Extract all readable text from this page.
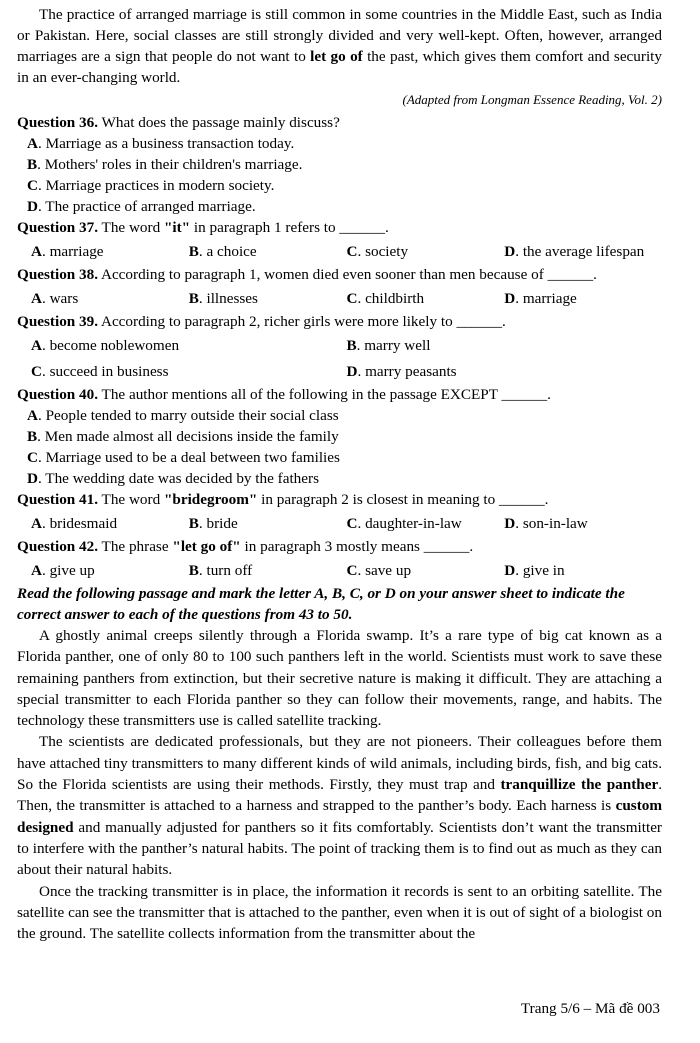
The practice of arranged marriage is still common in some countries in the Middle East, such as India or Pakistan. Here, social classes are still strongly divided and very well-kept. Often, however, arranged marriages are a sign that people do not want to let go of the past, which gives them comfort and security in an ever-changing world.

(Adapted from Longman Essence Reading, Vol. 2)

Question 36. What does the passage mainly discuss?

A. Marriage as a business transaction today.

B. Mothers' roles in their children's marriage.

C. Marriage practices in modern society.

D. The practice of arranged marriage.

Question 37. The word "it" in paragraph 1 refers to ______.

A. marriage	B. a choice	C. society	D. the average lifespan

Question 38. According to paragraph 1, women died even sooner than men because of ______.

A. wars	B. illnesses	C. childbirth	D. marriage

Question 39. According to paragraph 2, richer girls were more likely to ______.

A. become noblewomen	B. marry well
C. succeed in business	D. marry peasants

Question 40. The author mentions all of the following in the passage EXCEPT ______.

A. People tended to marry outside their social class

B. Men made almost all decisions inside the family

C. Marriage used to be a deal between two families

D. The wedding date was decided by the fathers

Question 41. The word "bridegroom" in paragraph 2 is closest in meaning to ______.

A. bridesmaid	B. bride	C. daughter-in-law	D. son-in-law

Question 42. The phrase "let go of" in paragraph 3 mostly means ______.

A. give up	B. turn off	C. save up	D. give in

Read the following passage and mark the letter A, B, C, or D on your answer sheet to indicate the correct answer to each of the questions from 43 to 50.

A ghostly animal creeps silently through a Florida swamp. It’s a rare type of big cat known as a Florida panther, one of only 80 to 100 such panthers left in the world. Scientists must work to save these remaining panthers from extinction, but their secretive nature is making it difficult. They are attaching a special transmitter to each Florida panther so they can follow their movements, range, and habits. The technology these transmitters use is called satellite tracking.

The scientists are dedicated professionals, but they are not pioneers. Their colleagues before them have attached tiny transmitters to many different kinds of wild animals, including birds, fish, and big cats. So the Florida scientists are using their methods. Firstly, they must trap and tranquillize the panther. Then, the transmitter is attached to a harness and strapped to the panther’s body. Each harness is custom designed and manually adjusted for panthers so it fits comfortably. Scientists don’t want the transmitter to interfere with the panther’s natural habits. The point of tracking them is to find out as much as they can about their natural habits.

Once the tracking transmitter is in place, the information it records is sent to an orbiting satellite. The satellite can see the transmitter that is attached to the panther, even when it is out of sight of a biologist on the ground. The satellite collects information from the transmitter about the

Trang 5/6 – Mã đề 003
